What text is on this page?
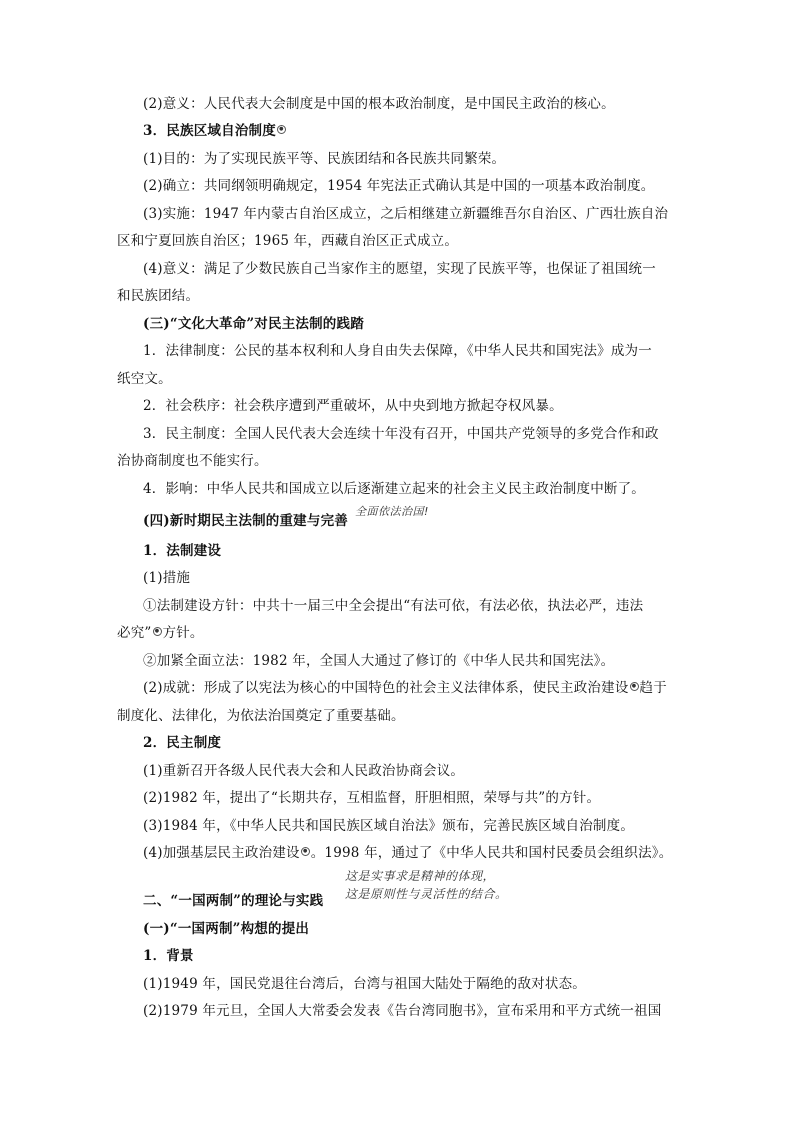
(2)意义：人民代表大会制度是中国的根本政治制度，是中国民主政治的核心。
3．民族区域自治制度 ●
(1)目的：为了实现民族平等、民族团结和各民族共同繁荣。
(2)确立：共同纲领明确规定，1954 年宪法正式确认其是中国的一项基本政治制度。
(3)实施：1947 年内蒙古自治区成立，之后相继建立新疆维吾尔自治区、广西壮族自治
区和宁夏回族自治区；1965 年，西藏自治区正式成立。
(4)意义：满足了少数民族自己当家作主的愿望，实现了民族平等，也保证了祖国统一
和民族团结。
(三)“文化大革命”对民主法制的践踏
1．法律制度：公民的基本权利和人身自由失去保障，《中华人民共和国宪法》成为一
纸空文。
2．社会秩序：社会秩序遭到严重破坏，从中央到地方掀起夺权风暴。
3．民主制度：全国人民代表大会连续十年没有召开，中国共产党领导的多党合作和政
治协商制度也不能实行。
4．影响：中华人民共和国成立以后逐渐建立起来的社会主义民主政治制度中断了。
(四)新时期民主法制的重建与完善
全面依法治国!
1．法制建设
(1)措施
①法制建设方针：中共十一届三中全会提出“有法可依，有法必依，执法必严，违法
必究” ● 方针。
②加紧全面立法：1982 年，全国人大通过了修订的《中华人民共和国宪法》。
(2)成就：形成了以宪法为核心的中国特色的社会主义法律体系，使民主政治建设 ● 趋于
制度化、法律化，为依法治国奠定了重要基础。
2．民主制度
(1)重新召开各级人民代表大会和人民政治协商会议。
(2)1982 年，提出了“长期共存，互相监督，肝胆相照，荣辱与共”的方针。
(3)1984 年，《中华人民共和国民族区域自治法》颁布，完善民族区域自治制度。
(4)加强基层民主政治建设 ● 。1998 年，通过了《中华人民共和国村民委员会组织法》。
这是实事求是精神的体现，
这是原则性与灵活性的结合。
二、“一国两制”的理论与实践
(一)“一国两制”构想的提出
1．背景
(1)1949 年，国民党退往台湾后，台湾与祖国大陆处于隔绝的敌对状态。
(2)1979 年元旦，全国人大常委会发表《告台湾同胞书》，宣布采用和平方式统一祖国
